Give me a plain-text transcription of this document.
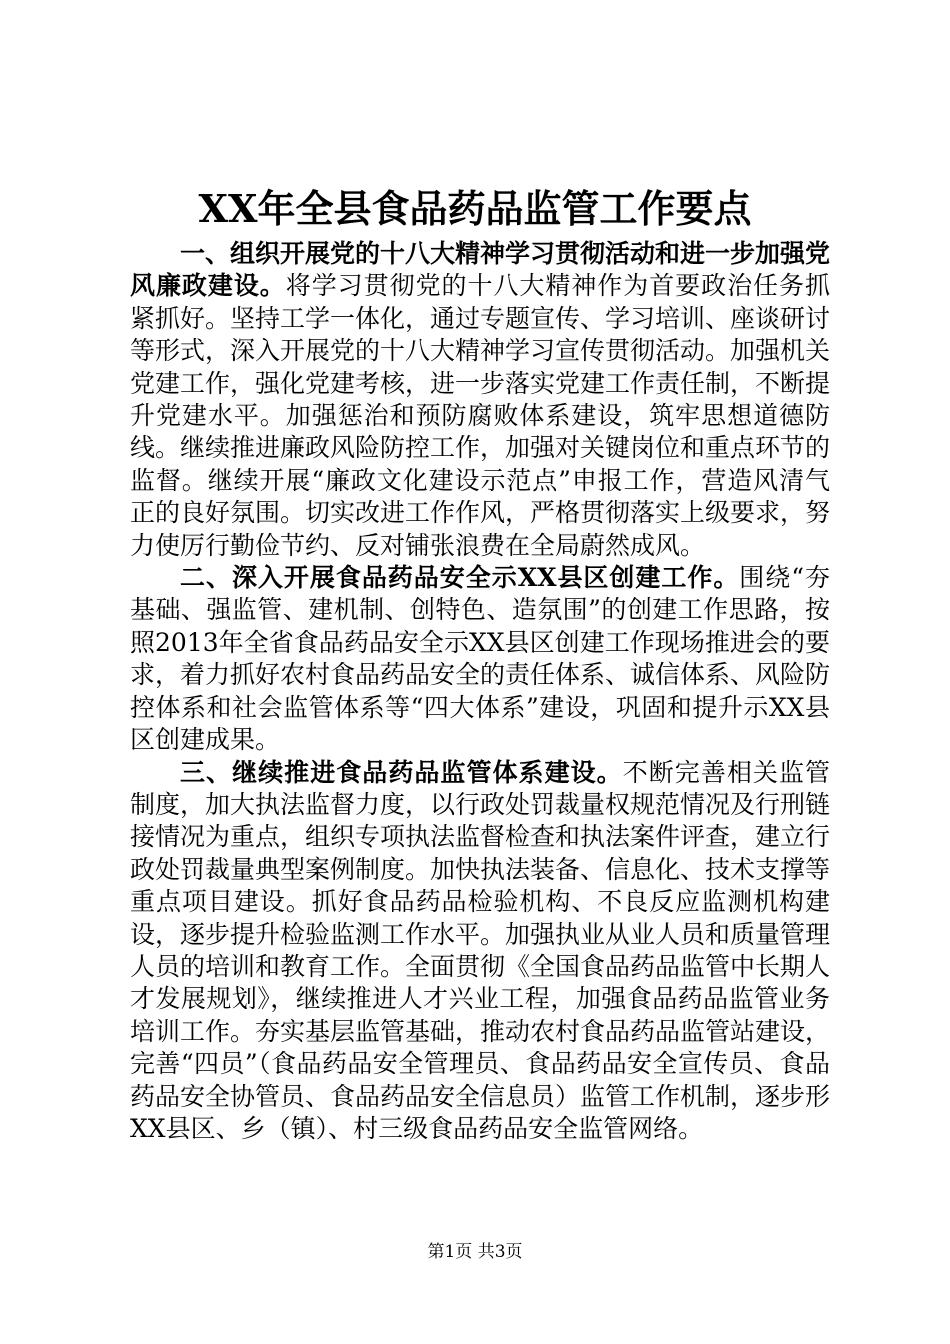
XX年全县食品药品监管工作要点

一、组织开展党的十八大精神学习贯彻活动和进一步加强党风廉政建设。将学习贯彻党的十八大精神作为首要政治任务抓紧抓好。坚持工学一体化，通过专题宣传、学习培训、座谈研讨等形式，深入开展党的十八大精神学习宣传贯彻活动。加强机关党建工作，强化党建考核，进一步落实党建工作责任制，不断提升党建水平。加强惩治和预防腐败体系建设，筑牢思想道德防线。继续推进廉政风险防控工作，加强对关键岗位和重点环节的监督。继续开展“廉政文化建设示范点”申报工作，营造风清气正的良好氛围。切实改进工作作风，严格贯彻落实上级要求，努力使厉行勤俭节约、反对铺张浪费在全局蔚然成风。

二、深入开展食品药品安全示XX县区创建工作。围绕“夯基础、强监管、建机制、创特色、造氛围”的创建工作思路，按照2013年全省食品药品安全示XX县区创建工作现场推进会的要求，着力抓好农村食品药品安全的责任体系、诚信体系、风险防控体系和社会监管体系等“四大体系”建设，巩固和提升示XX县区创建成果。

三、继续推进食品药品监管体系建设。不断完善相关监管制度，加大执法监督力度，以行政处罚裁量权规范情况及行刑链接情况为重点，组织专项执法监督检查和执法案件评查，建立行政处罚裁量典型案例制度。加快执法装备、信息化、技术支撑等重点项目建设。抓好食品药品检验机构、不良反应监测机构建设，逐步提升检验监测工作水平。加强执业从业人员和质量管理人员的培训和教育工作。全面贯彻《全国食品药品监管中长期人才发展规划》，继续推进人才兴业工程，加强食品药品监管业务培训工作。夯实基层监管基础，推动农村食品药品监管站建设，完善“四员”（食品药品安全管理员、食品药品安全宣传员、食品药品安全协管员、食品药品安全信息员）监管工作机制，逐步形XX县区、乡（镇）、村三级食品药品安全监管网络。

第1页 共3页
